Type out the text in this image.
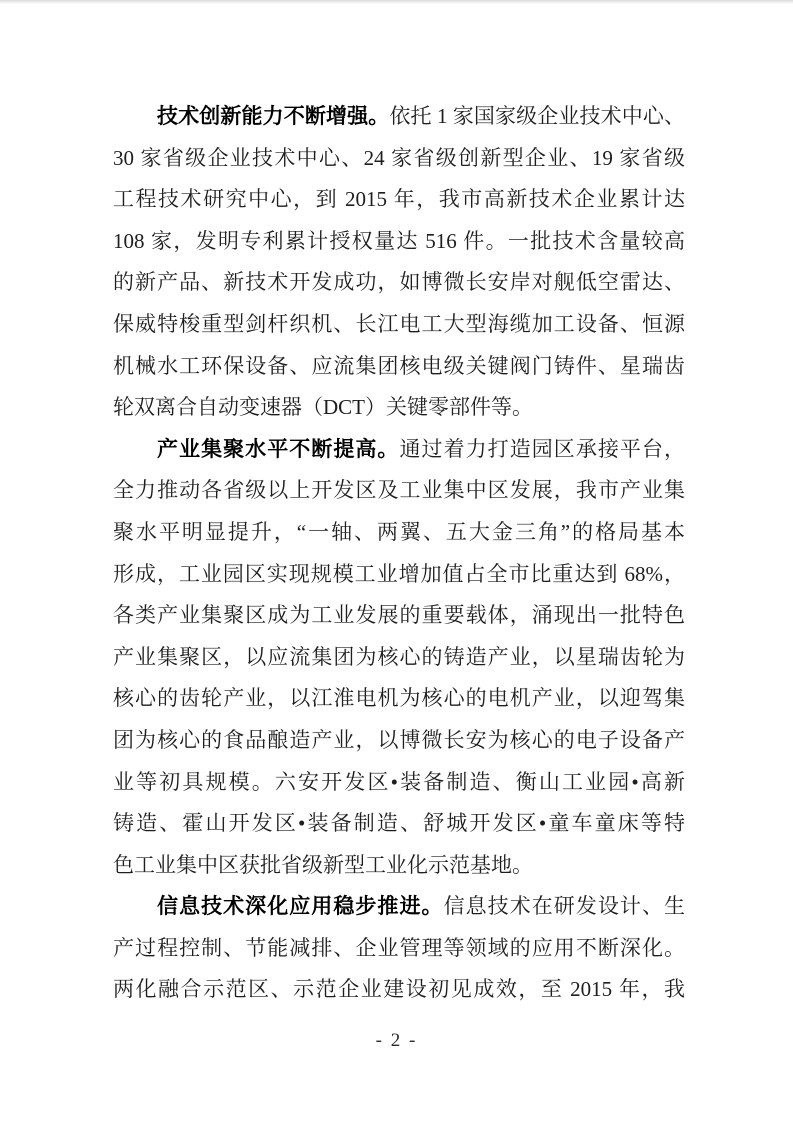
技术创新能力不断增强。依托 1 家国家级企业技术中心、
30 家省级企业技术中心、24 家省级创新型企业、19 家省级
工程技术研究中心，到 2015 年，我市高新技术企业累计达
108 家，发明专利累计授权量达 516 件。一批技术含量较高
的新产品、新技术开发成功，如博微长安岸对舰低空雷达、
保威特梭重型剑杆织机、长江电工大型海缆加工设备、恒源
机械水工环保设备、应流集团核电级关键阀门铸件、星瑞齿
轮双离合自动变速器（DCT）关键零部件等。
产业集聚水平不断提高。通过着力打造园区承接平台，
全力推动各省级以上开发区及工业集中区发展，我市产业集
聚水平明显提升，“一轴、两翼、五大金三角”的格局基本
形成，工业园区实现规模工业增加值占全市比重达到 68%，
各类产业集聚区成为工业发展的重要载体，涌现出一批特色
产业集聚区，以应流集团为核心的铸造产业，以星瑞齿轮为
核心的齿轮产业，以江淮电机为核心的电机产业，以迎驾集
团为核心的食品酿造产业，以博微长安为核心的电子设备产
业等初具规模。六安开发区•装备制造、衡山工业园•高新
铸造、霍山开发区•装备制造、舒城开发区•童车童床等特
色工业集中区获批省级新型工业化示范基地。
信息技术深化应用稳步推进。信息技术在研发设计、生
产过程控制、节能减排、企业管理等领域的应用不断深化。
两化融合示范区、示范企业建设初见成效，至 2015 年，我
- 2 -
